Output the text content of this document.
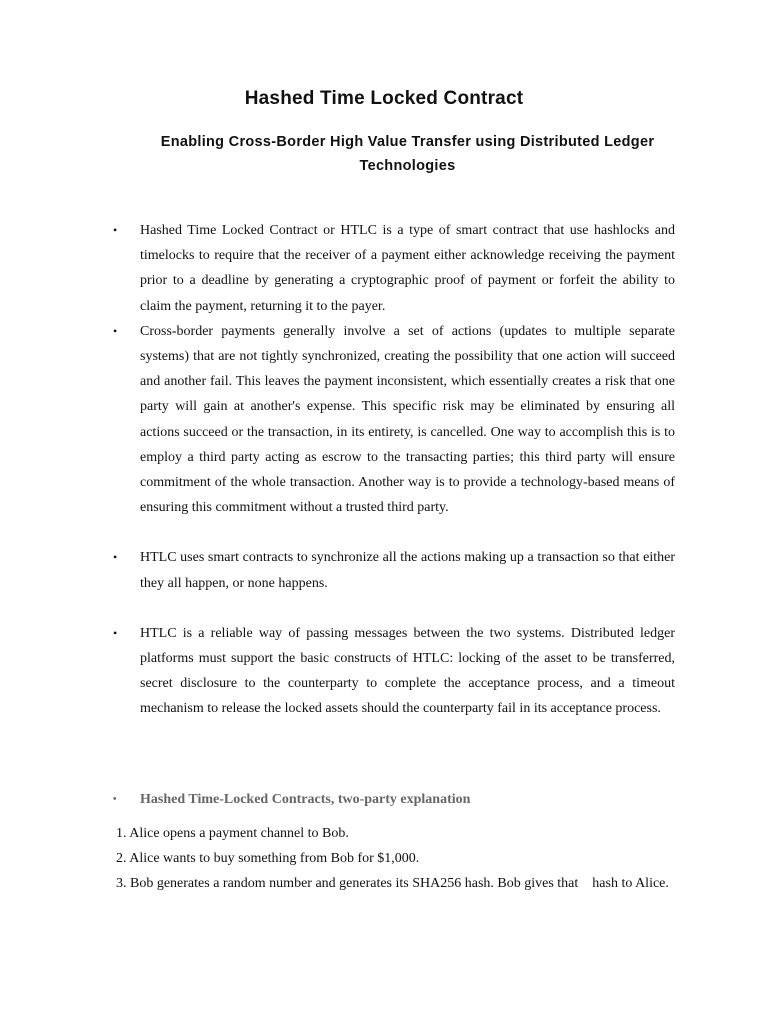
Hashed Time Locked Contract
Enabling Cross-Border High Value Transfer using Distributed Ledger Technologies
• Hashed Time Locked Contract or HTLC is a type of smart contract that use hashlocks and timelocks to require that the receiver of a payment either acknowledge receiving the payment prior to a deadline by generating a cryptographic proof of payment or forfeit the ability to claim the payment, returning it to the payer.
• Cross-border payments generally involve a set of actions (updates to multiple separate systems) that are not tightly synchronized, creating the possibility that one action will succeed and another fail. This leaves the payment inconsistent, which essentially creates a risk that one party will gain at another's expense. This specific risk may be eliminated by ensuring all actions succeed or the transaction, in its entirety, is cancelled. One way to accomplish this is to employ a third party acting as escrow to the transacting parties; this third party will ensure commitment of the whole transaction. Another way is to provide a technology-based means of ensuring this commitment without a trusted third party.
• HTLC uses smart contracts to synchronize all the actions making up a transaction so that either they all happen, or none happens.
• HTLC is a reliable way of passing messages between the two systems. Distributed ledger platforms must support the basic constructs of HTLC: locking of the asset to be transferred, secret disclosure to the counterparty to complete the acceptance process, and a timeout mechanism to release the locked assets should the counterparty fail in its acceptance process.
• Hashed Time-Locked Contracts, two-party explanation
1. Alice opens a payment channel to Bob.
2. Alice wants to buy something from Bob for $1,000.
3. Bob generates a random number and generates its SHA256 hash. Bob gives that    hash to Alice.
